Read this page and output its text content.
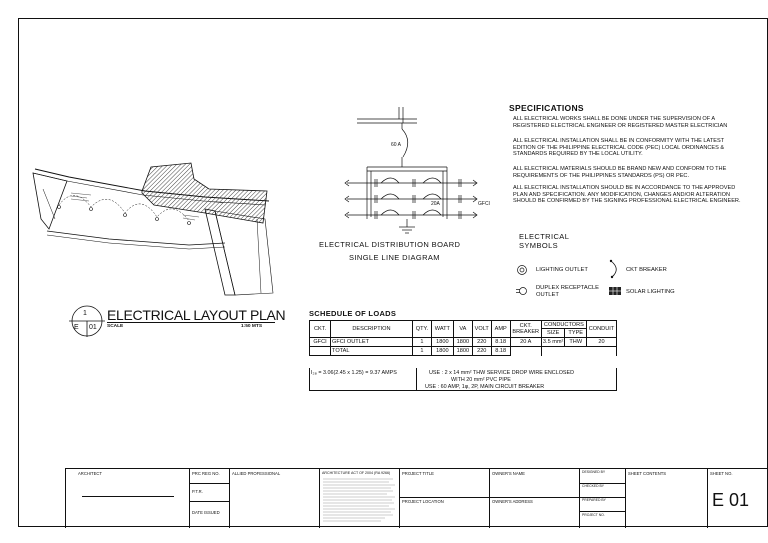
1
E 01
ELECTRICAL LAYOUT PLAN
SCALE	1:50 MTS
60 A
20A	GFCI
ELECTRICAL DISTRIBUTION BOARD
SINGLE LINE DIAGRAM
SPECIFICATIONS
ALL ELECTRICAL WORKS SHALL BE DONE UNDER THE SUPERVISION OF A REGISTERED ELECTRICAL ENGINEER OR REGISTERED MASTER ELECTRICIAN
ALL ELECTRICAL INSTALLATION SHALL BE IN CONFORMITY WITH THE LATEST EDITION OF THE PHILIPPINE ELECTRICAL CODE (PEC) LOCAL ORDINANCES & STANDARDS REQUIRED BY THE LOCAL UTILITY.
ALL ELECTRICAL MATERIALS SHOULD BE BRAND NEW AND CONFORM TO THE REQUIREMENTS OF THE PHILIPPINES STANDARDS (PS) OR PEC.
ALL ELECTRICAL INSTALLATION SHOULD BE IN ACCORDANCE TO THE APPROVED PLAN AND SPECIFICATION. ANY MODIFICATION, CHANGES AND/OR ALTERATION SHOULD BE CONFIRMED BY THE SIGNING PROFESSIONAL ELECTRICAL ENGINEER.
ELECTRICAL
SYMBOLS
LIGHTING OUTLET	CKT BREAKER
DUPLEX RECEPTACLE
OUTLET	SOLAR LIGHTING
SCHEDULE OF LOADS
CKT.	DESCRIPTION	QTY.	WATT	VA	VOLT	AMP	CKT. BREAKER	CONDUCTORS		CONDUIT
								SIZE	TYPE	
GFCI	GFCI OUTLET	1	1800	1800	220	8.18	20 A	3.5 mm²	THW	20
	TOTAL	1	1800	1800	220	8.18				
I₂₈ = 3.06(2.45 x 1.25) = 9.37 AMPS	USE : 2 x 14 mm² THW SERVICE DROP WIRE ENCLOSED
WITH 20 mm² PVC PIPE
USE : 60 AMP, 1φ, 2P, MAIN CIRCUIT BREAKER
ARCHITECT	PRC REG NO.
P.T.R.
DATE ISSUED
ALLIED PROFESSIONAL	ARCHITECTURE ACT OF 2004 (RA 9266)	PROJECT TITLE
PROJECT LOCATION
OWNER'S NAME
OWNER'S ADDRESS
DESIGNED BY
CHECKED BY
PREPARED BY
PROJECT NO.
SHEET CONTENTS	SHEET NO.
E 01
